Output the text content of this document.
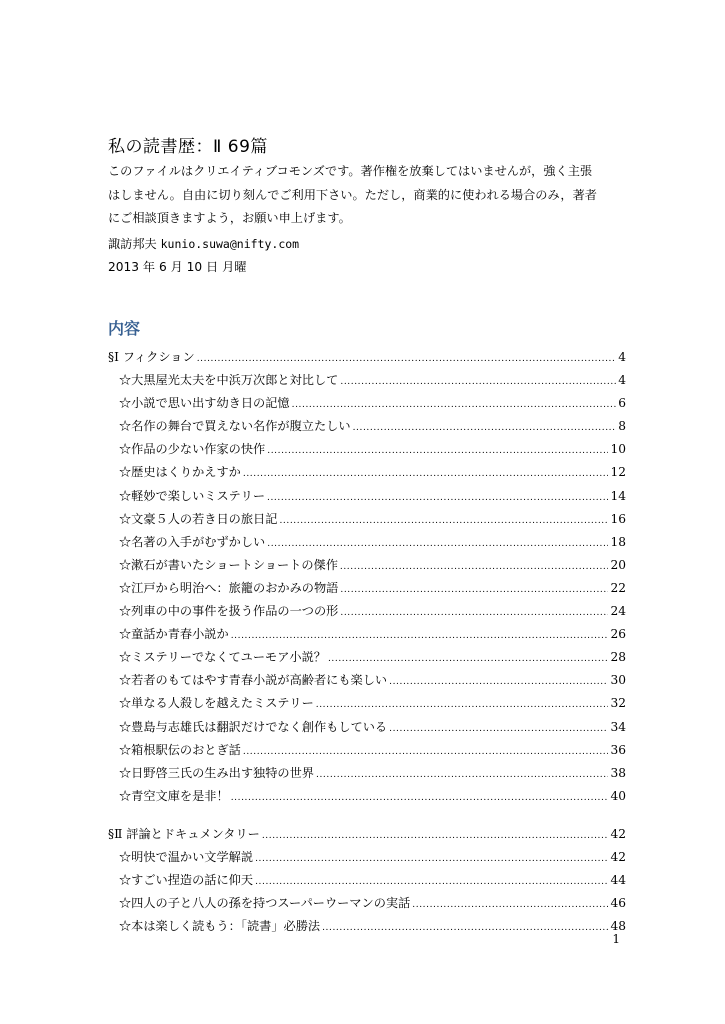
私の読書歴：Ⅱ 69篇
このファイルはクリエイティブコモンズです。著作権を放棄してはいませんが，強く主張
はしません。自由に切り刻んでご利用下さい。ただし，商業的に使われる場合のみ，著者
にご相談頂きますよう，お願い申上げます。
諏訪邦夫 kunio.suwa@nifty.com
2013 年 6 月 10 日 月曜
内容
§Ⅰ フィクション .....	4
☆大黒屋光太夫を中浜万次郎と対比して .....	4
☆小説で思い出す幼き日の記憶 .....	6
☆名作の舞台で買えない名作が腹立たしい .....	8
☆作品の少ない作家の快作 .....	10
☆歴史はくりかえすか .....	12
☆軽妙で楽しいミステリー .....	14
☆文豪５人の若き日の旅日記 .....	16
☆名著の入手がむずかしい .....	18
☆漱石が書いたショートショートの傑作 .....	20
☆江戸から明治へ：旅籠のおかみの物語 .....	22
☆列車の中の事件を扱う作品の一つの形 .....	24
☆童話か青春小説か .....	26
☆ミステリーでなくてユーモア小説？ .....	28
☆若者のもてはやす青春小説が高齢者にも楽しい .....	30
☆単なる人殺しを越えたミステリー .....	32
☆豊島与志雄氏は翻訳だけでなく創作もしている .....	34
☆箱根駅伝のおとぎ話 .....	36
☆日野啓三氏の生み出す独特の世界 .....	38
☆青空文庫を是非！ .....	40
§Ⅱ 評論とドキュメンタリー .....	42
☆明快で温かい文学解説 .....	42
☆すごい捏造の話に仰天 .....	44
☆四人の子と八人の孫を持つスーパーウーマンの実話 .....	46
☆本は楽しく読もう：「読書」必勝法 .....	48
1
